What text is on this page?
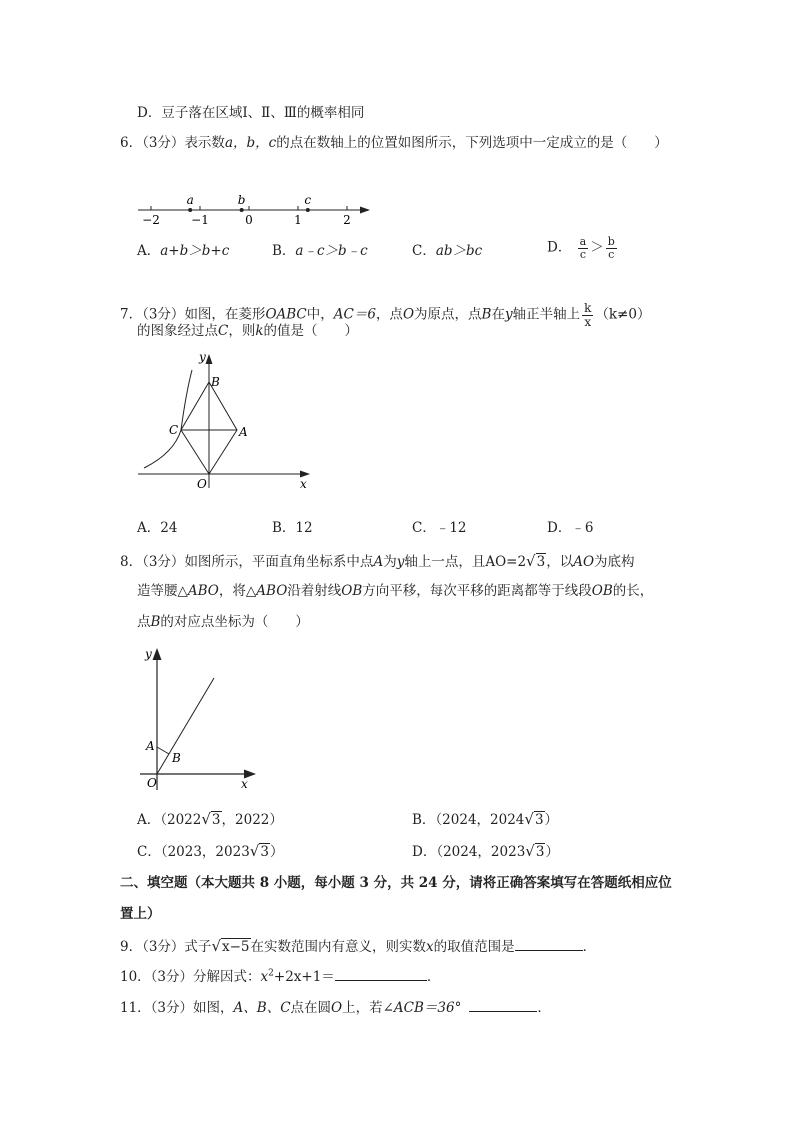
D．豆子落在区域Ⅰ、Ⅱ、Ⅲ的概率相同
6．（3分）表示数a，b，c的点在数轴上的位置如图所示，下列选项中一定成立的是（　　）
−2	−1	0	1	2
a	b	c
A．a+b＞b+c	B．a﹣c＞b﹣c	C．ab＞bc	D． $\frac{a}{c} > \frac{b}{c}$
7．（3分）如图，在菱形OABC中，AC＝6，点O为原点，点B在y轴正半轴上 $\frac{k}{x} (k\ne 0)$
的图象经过点C，则k的值是（　　）
y
x
B
C	A
O
A．24	B．12	C．﹣12	D．﹣6
8．（3分）如图所示，平面直角坐标系中点A为y轴上一点，且AO=2√3，以AO为底构
造等腰△ABO，将△ABO沿着射线OB方向平移，每次平移的距离都等于线段OB的长，
点B的对应点坐标为（　　）
y
x
A
B
O
A．（2022√3，2022）	B．（2024，2024√3）
C．（2023，2023√3）	D．（2024，2023√3）
二、填空题（本大题共 8 小题，每小题 3 分，共 24 分，请将正确答案填写在答题纸相应位
置上）
9．（3分）式子√x−5在实数范围内有意义，则实数x的取值范围是	．
10．（3分）分解因式：$x^2+2x+1=$	．
11．（3分）如图，A、B、C点在圆O上，若∠ACB＝36°	．
